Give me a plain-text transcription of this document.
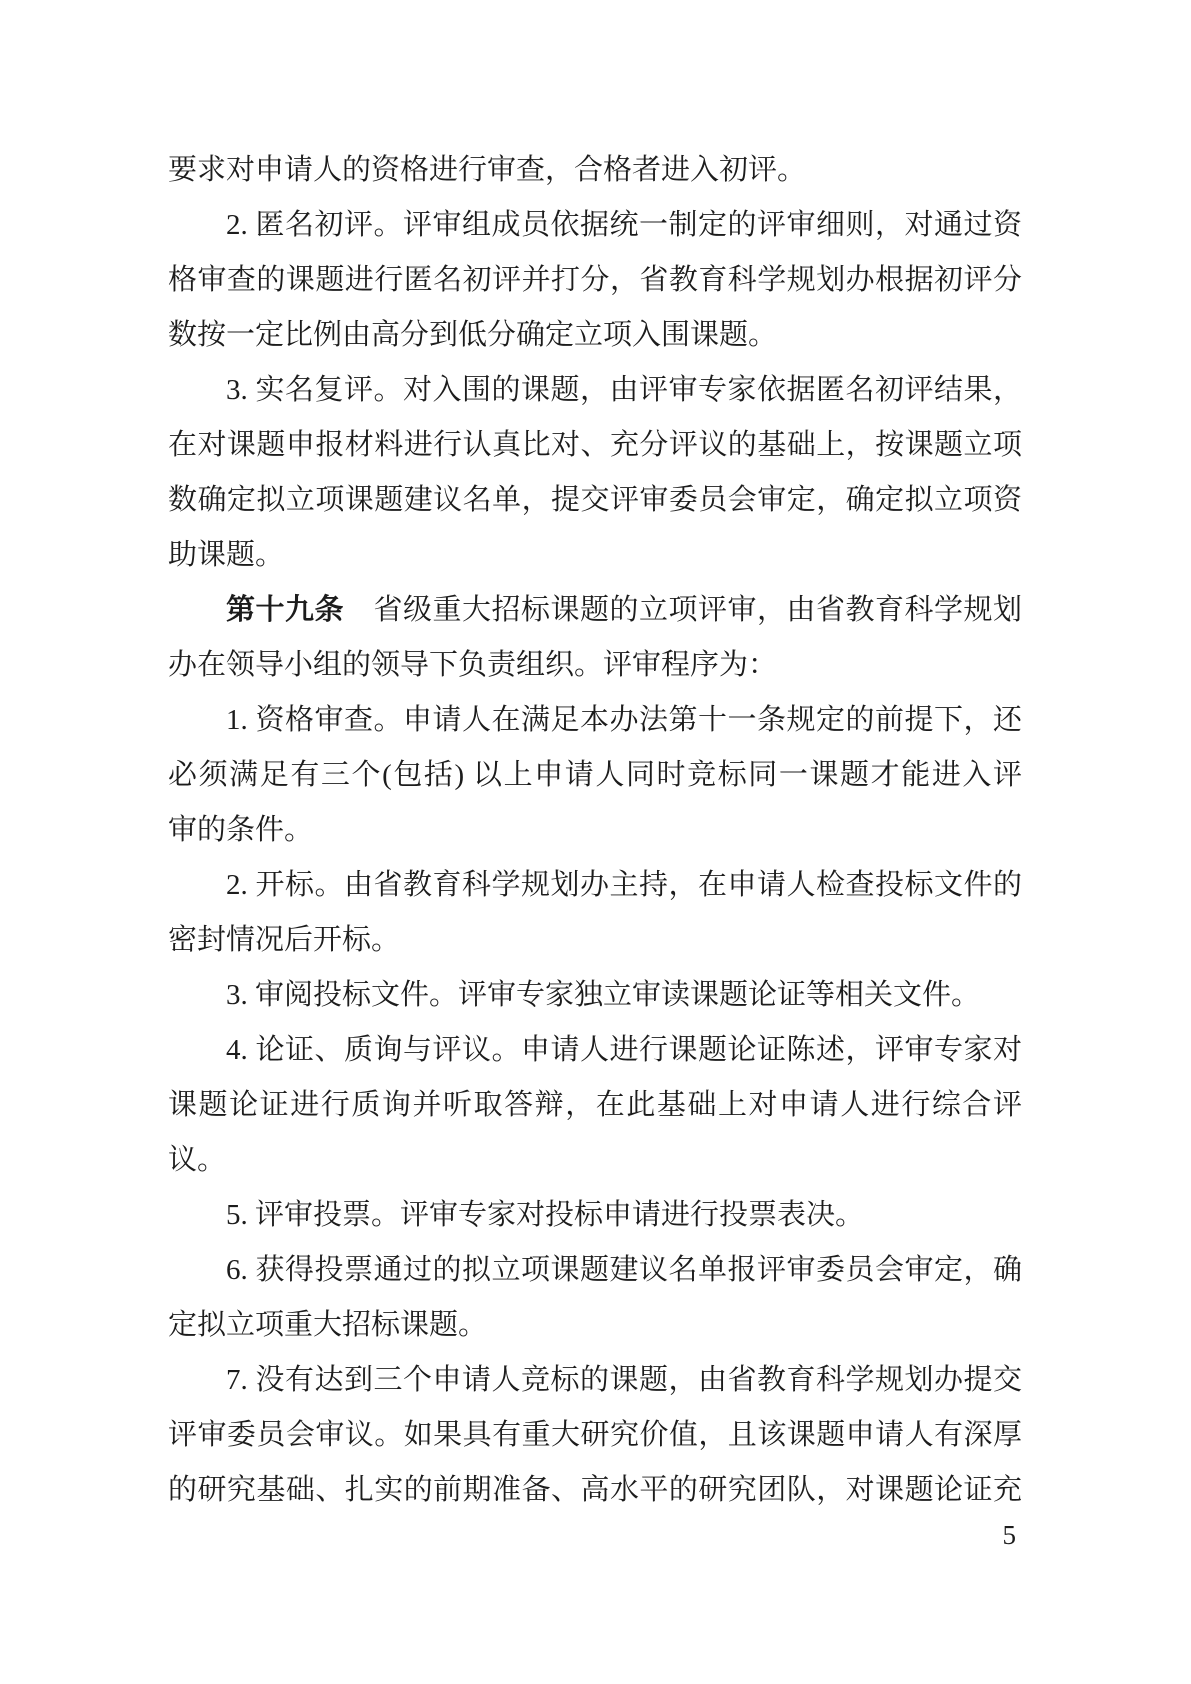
要求对申请人的资格进行审查，合格者进入初评。
2. 匿名初评。评审组成员依据统一制定的评审细则，对通过资
格审查的课题进行匿名初评并打分，省教育科学规划办根据初评分
数按一定比例由高分到低分确定立项入围课题。
3. 实名复评。对入围的课题，由评审专家依据匿名初评结果，
在对课题申报材料进行认真比对、充分评议的基础上，按课题立项
数确定拟立项课题建议名单，提交评审委员会审定，确定拟立项资
助课题。
第十九条　省级重大招标课题的立项评审，由省教育科学规划
办在领导小组的领导下负责组织。评审程序为：
1. 资格审查。申请人在满足本办法第十一条规定的前提下，还
必须满足有三个(包括) 以上申请人同时竞标同一课题才能进入评
审的条件。
2. 开标。由省教育科学规划办主持，在申请人检查投标文件的
密封情况后开标。
3. 审阅投标文件。评审专家独立审读课题论证等相关文件。
4. 论证、质询与评议。申请人进行课题论证陈述，评审专家对
课题论证进行质询并听取答辩，在此基础上对申请人进行综合评
议。
5. 评审投票。评审专家对投标申请进行投票表决。
6. 获得投票通过的拟立项课题建议名单报评审委员会审定，确
定拟立项重大招标课题。
7. 没有达到三个申请人竞标的课题，由省教育科学规划办提交
评审委员会审议。如果具有重大研究价值，且该课题申请人有深厚
的研究基础、扎实的前期准备、高水平的研究团队，对课题论证充
5
